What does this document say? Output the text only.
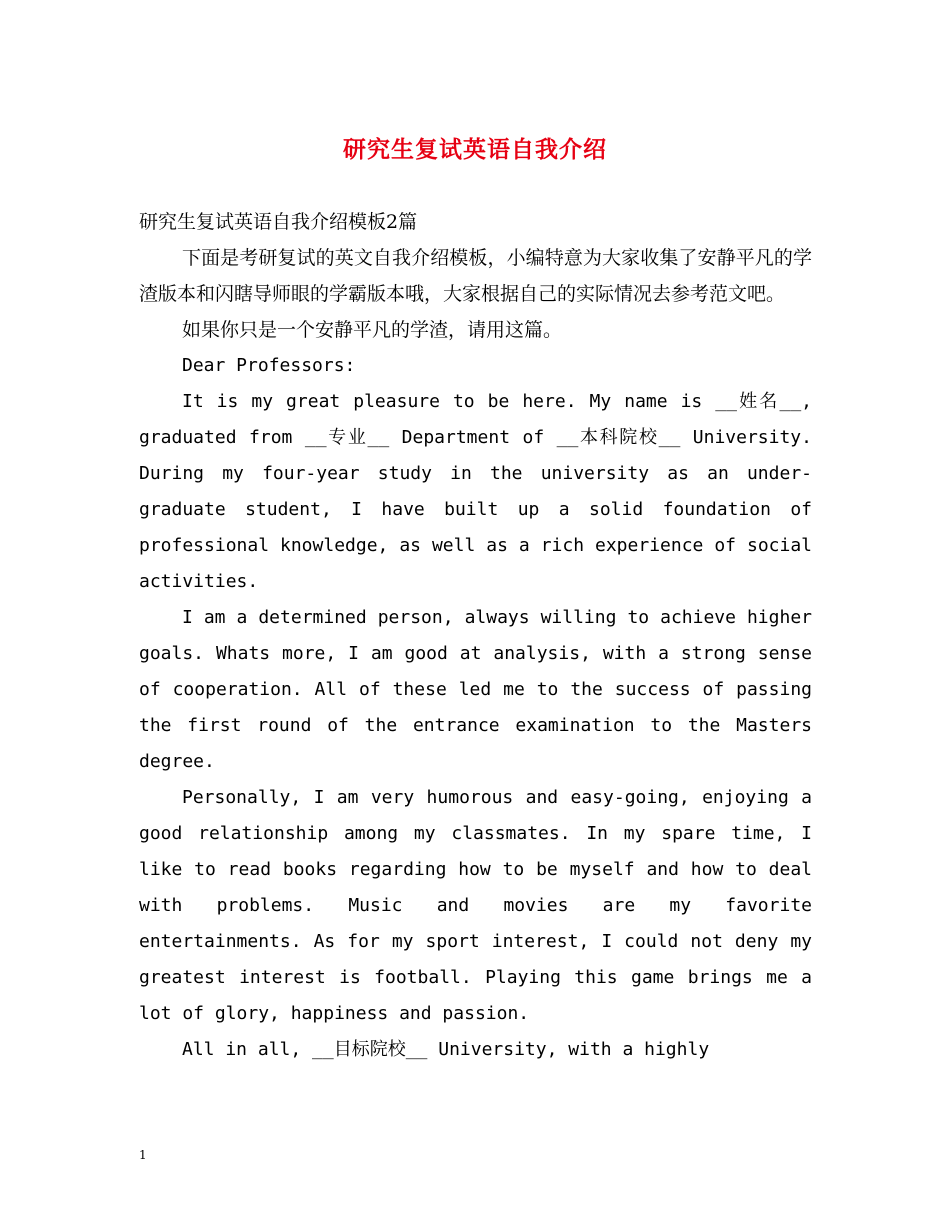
研究生复试英语自我介绍

研究生复试英语自我介绍模板2篇

下面是考研复试的英文自我介绍模板，小编特意为大家收集了安静平凡的学渣版本和闪瞎导师眼的学霸版本哦，大家根据自己的实际情况去参考范文吧。

如果你只是一个安静平凡的学渣，请用这篇。

Dear Professors:

It is my great pleasure to be here. My name is __姓名__, graduated from __专业__ Department of __本科院校__ University. During my four-year study in the university as an under-graduate student, I have built up a solid foundation of professional knowledge, as well as a rich experience of social activities.

I am a determined person, always willing to achieve higher goals. Whats more, I am good at analysis, with a strong sense of cooperation. All of these led me to the success of passing the first round of the entrance examination to the Masters degree.

Personally, I am very humorous and easy-going, enjoying a good relationship among my classmates. In my spare time, I like to read books regarding how to be myself and how to deal with problems. Music and movies are my favorite entertainments. As for my sport interest, I could not deny my greatest interest is football. Playing this game brings me a lot of glory, happiness and passion.

All in all, __目标院校__ University, with a highly

1
